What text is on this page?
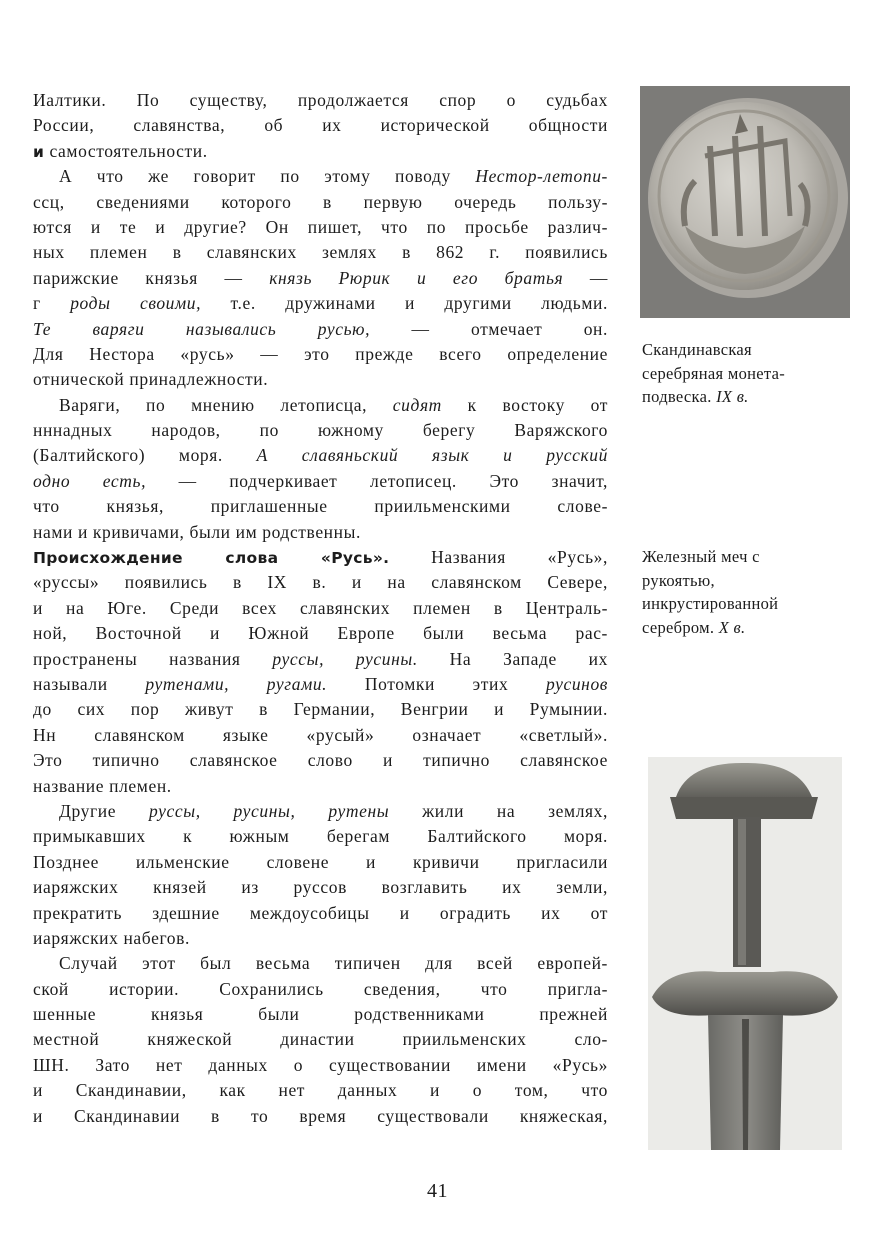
Иалтики. По существу, продолжается спор о судьбах
России, славянства, об их исторической общности
и самостоятельности.
А что же говорит по этому поводу Нестор-летопи-
ссц, сведениями которого в первую очередь пользу-
ются и те и другие? Он пишет, что по просьбе различ-
ных племен в славянских землях в 862 г. появились
парижские князья — князь Рюрик и его братья —
г роды своими, т.е. дружинами и другими людьми.
Те варяги назывались русью, — отмечает он.
Для Нестора «русь» — это прежде всего определение
отнической принадлежности.
Варяги, по мнению летописца, сидят к востоку от
нннадных народов, по южному берегу Варяжского
(Балтийского) моря. А славяньский язык и русский
одно есть, — подчеркивает летописец. Это значит,
что князья, приглашенные приильменскими слове-
нами и кривичами, были им родственны.
Происхождение слова «Русь». Названия «Русь»,
«руссы» появились в IX в. и на славянском Севере,
и на Юге. Среди всех славянских племен в Централь-
ной, Восточной и Южной Европе были весьма рас-
пространены названия руссы, русины. На Западе их
называли рутенами, ругами. Потомки этих русинов
до сих пор живут в Германии, Венгрии и Румынии.
Нн славянском языке «русый» означает «светлый».
Это типично славянское слово и типично славянское
название племен.
Другие руссы, русины, рутены жили на землях,
примыкавших к южным берегам Балтийского моря.
Позднее ильменские словене и кривичи пригласили
иаряжских князей из руссов возглавить их земли,
прекратить здешние междоусобицы и оградить их от
иаряжских набегов.
Случай этот был весьма типичен для всей европей-
ской истории. Сохранились сведения, что пригла-
шенные князья были родственниками прежней
местной княжеской династии приильменских сло-
ШН. Зато нет данных о существовании имени «Русь»
и Скандинавии, как нет данных и о том, что
и Скандинавии в то время существовали княжеская,
Скандинавская
серебряная монета-
подвеска. IX в.
Железный меч с
рукоятью,
инкрустированной
серебром. X в.
41
